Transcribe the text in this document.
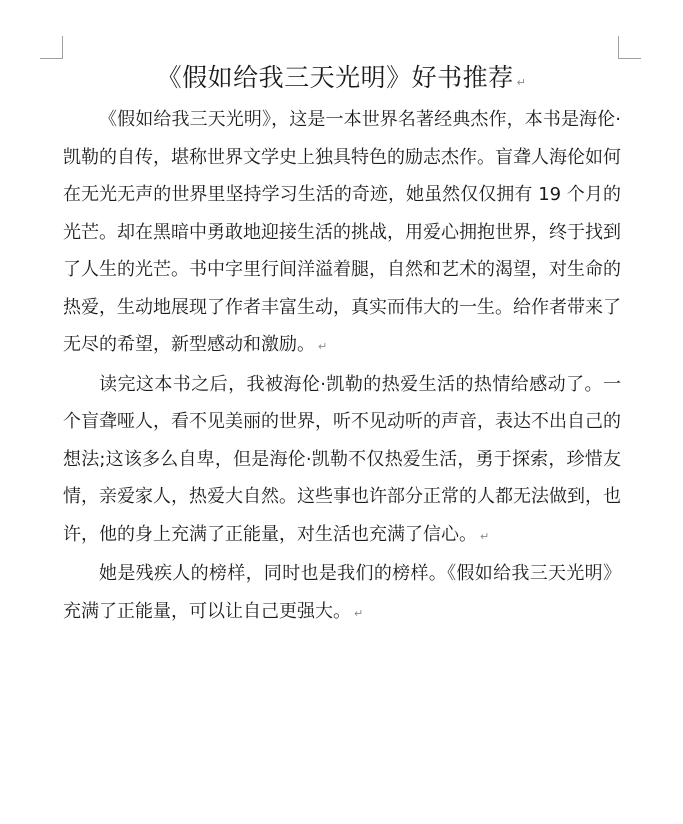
《假如给我三天光明》好书推荐 ↵

《假如给我三天光明》，这是一本世界名著经典杰作，本书是海伦·凯勒的自传，堪称世界文学史上独具特色的励志杰作。盲聋人海伦如何在无光无声的世界里坚持学习生活的奇迹，她虽然仅仅拥有 19 个月的光芒。却在黑暗中勇敢地迎接生活的挑战，用爱心拥抱世界，终于找到了人生的光芒。书中字里行间洋溢着腿，自然和艺术的渴望，对生命的热爱，生动地展现了作者丰富生动，真实而伟大的一生。给作者带来了无尽的希望，新型感动和激励。 ↵

读完这本书之后，我被海伦·凯勒的热爱生活的热情给感动了。一个盲聋哑人，看不见美丽的世界，听不见动听的声音，表达不出自己的想法;这该多么自卑，但是海伦·凯勒不仅热爱生活，勇于探索，珍惜友情，亲爱家人，热爱大自然。这些事也许部分正常的人都无法做到，也许，他的身上充满了正能量，对生活也充满了信心。 ↵

她是残疾人的榜样，同时也是我们的榜样。《假如给我三天光明》充满了正能量，可以让自己更强大。 ↵
